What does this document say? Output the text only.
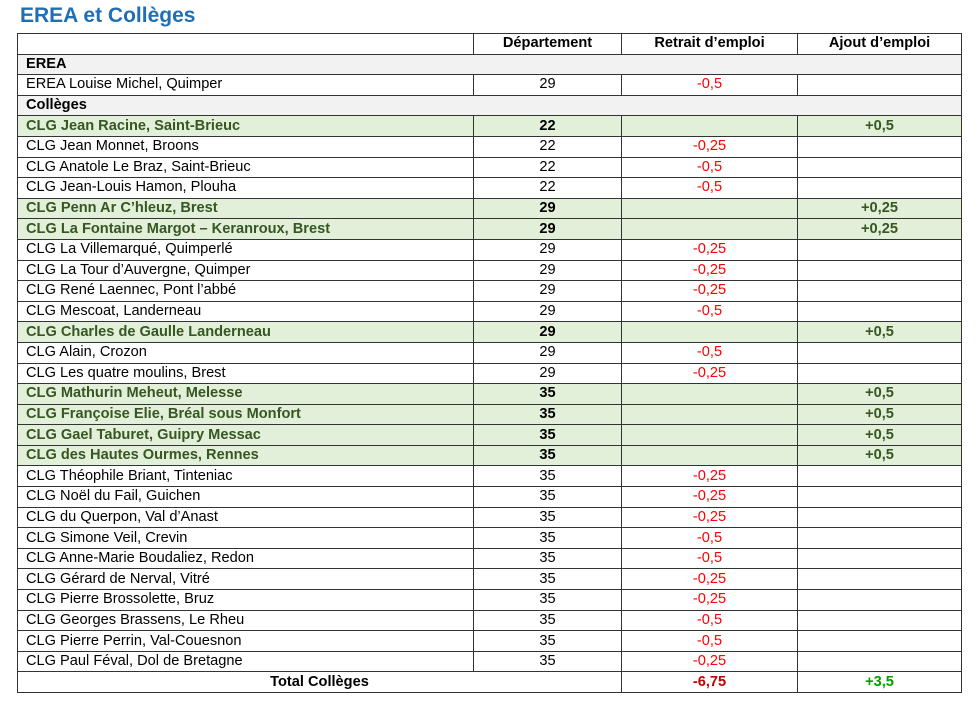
EREA et Collèges
	Département	Retrait d’emploi	Ajout d’emploi
EREA			
EREA Louise Michel, Quimper	29	-0,5	
Collèges			
CLG Jean Racine, Saint-Brieuc	22		+0,5
CLG Jean Monnet, Broons	22	-0,25	
CLG Anatole Le Braz, Saint-Brieuc	22	-0,5	
CLG Jean-Louis Hamon, Plouha	22	-0,5	
CLG Penn Ar C’hleuz, Brest	29		+0,25
CLG La Fontaine Margot – Keranroux, Brest	29		+0,25
CLG La Villemarqué, Quimperlé	29	-0,25	
CLG La Tour d’Auvergne, Quimper	29	-0,25	
CLG René Laennec, Pont l’abbé	29	-0,25	
CLG Mescoat, Landerneau	29	-0,5	
CLG Charles de Gaulle Landerneau	29		+0,5
CLG Alain, Crozon	29	-0,5	
CLG Les quatre moulins, Brest	29	-0,25	
CLG Mathurin Meheut, Melesse	35		+0,5
CLG Françoise Elie, Bréal sous Monfort	35		+0,5
CLG Gael Taburet, Guipry Messac	35		+0,5
CLG des Hautes Ourmes, Rennes	35		+0,5
CLG Théophile Briant, Tinteniac	35	-0,25	
CLG Noël du Fail, Guichen	35	-0,25	
CLG du Querpon, Val d’Anast	35	-0,25	
CLG Simone Veil, Crevin	35	-0,5	
CLG Anne-Marie Boudaliez, Redon	35	-0,5	
CLG Gérard de Nerval, Vitré	35	-0,25	
CLG Pierre Brossolette, Bruz	35	-0,25	
CLG Georges Brassens, Le Rheu	35	-0,5	
CLG Pierre Perrin, Val-Couesnon	35	-0,5	
CLG Paul Féval, Dol de Bretagne	35	-0,25	
Total Collèges		-6,75	+3,5
